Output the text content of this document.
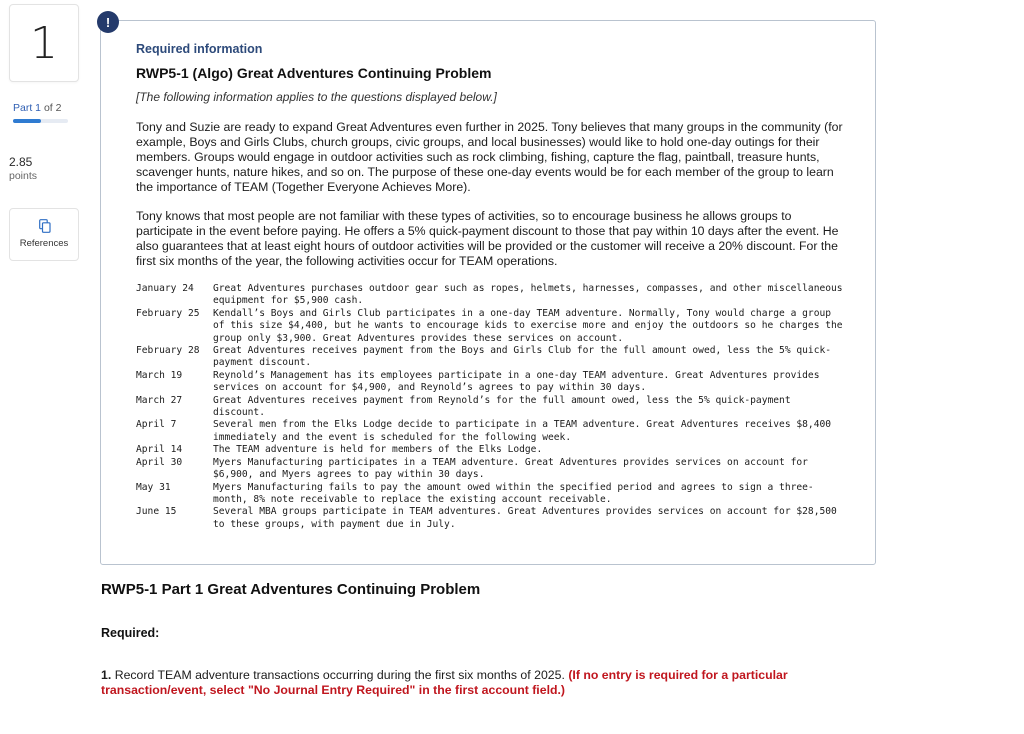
1
Part 1 of 2
2.85
points
References
!
Required information
RWP5-1 (Algo) Great Adventures Continuing Problem
[The following information applies to the questions displayed below.]
Tony and Suzie are ready to expand Great Adventures even further in 2025. Tony believes that many groups in the community (for example, Boys and Girls Clubs, church groups, civic groups, and local businesses) would like to hold one-day outings for their members. Groups would engage in outdoor activities such as rock climbing, fishing, capture the flag, paintball, treasure hunts, scavenger hunts, nature hikes, and so on. The purpose of these one-day events would be for each member of the group to learn the importance of TEAM (Together Everyone Achieves More).
Tony knows that most people are not familiar with these types of activities, so to encourage business he allows groups to participate in the event before paying. He offers a 5% quick-payment discount to those that pay within 10 days after the event. He also guarantees that at least eight hours of outdoor activities will be provided or the customer will receive a 20% discount. For the first six months of the year, the following activities occur for TEAM operations.
January 24	Great Adventures purchases outdoor gear such as ropes, helmets, harnesses, compasses, and other miscellaneous equipment for $5,900 cash.
February 25	Kendall’s Boys and Girls Club participates in a one-day TEAM adventure. Normally, Tony would charge a group of this size $4,400, but he wants to encourage kids to exercise more and enjoy the outdoors so he charges the group only $3,900. Great Adventures provides these services on account.
February 28	Great Adventures receives payment from the Boys and Girls Club for the full amount owed, less the 5% quick-payment discount.
March 19	Reynold’s Management has its employees participate in a one-day TEAM adventure. Great Adventures provides services on account for $4,900, and Reynold’s agrees to pay within 30 days.
March 27	Great Adventures receives payment from Reynold’s for the full amount owed, less the 5% quick-payment discount.
April 7	Several men from the Elks Lodge decide to participate in a TEAM adventure. Great Adventures receives $8,400 immediately and the event is scheduled for the following week.
April 14	The TEAM adventure is held for members of the Elks Lodge.
April 30	Myers Manufacturing participates in a TEAM adventure. Great Adventures provides services on account for $6,900, and Myers agrees to pay within 30 days.
May 31	Myers Manufacturing fails to pay the amount owed within the specified period and agrees to sign a three-month, 8% note receivable to replace the existing account receivable.
June 15	Several MBA groups participate in TEAM adventures. Great Adventures provides services on account for $28,500 to these groups, with payment due in July.
RWP5-1 Part 1 Great Adventures Continuing Problem
Required:
1. Record TEAM adventure transactions occurring during the first six months of 2025. (If no entry is required for a particular transaction/event, select "No Journal Entry Required" in the first account field.)
